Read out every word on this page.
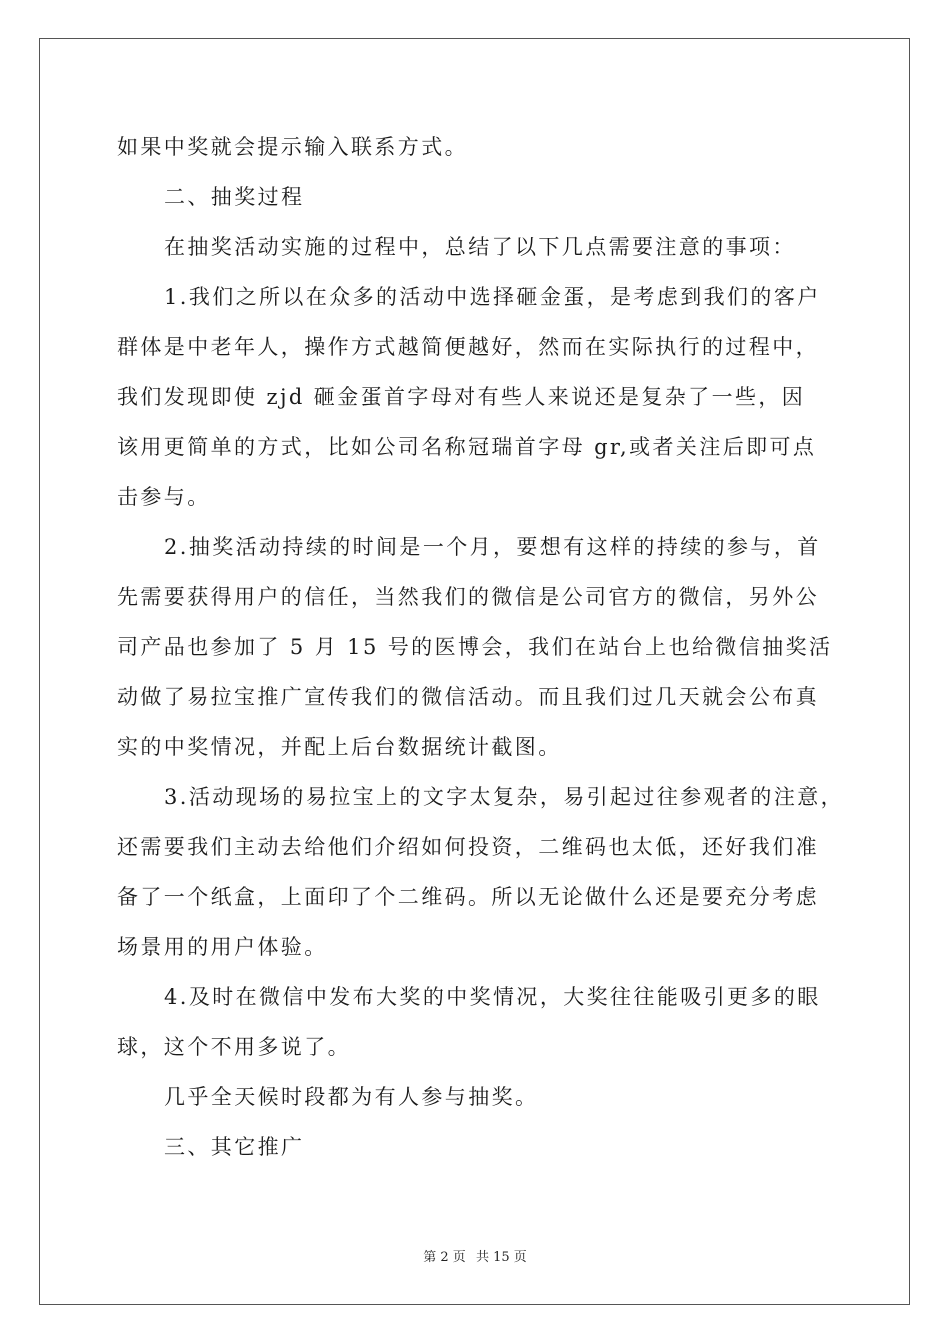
如果中奖就会提示输入联系方式。
二、抽奖过程
在抽奖活动实施的过程中，总结了以下几点需要注意的事项：
1.我们之所以在众多的活动中选择砸金蛋，是考虑到我们的客户
群体是中老年人，操作方式越简便越好，然而在实际执行的过程中，
我们发现即使 zjd 砸金蛋首字母对有些人来说还是复杂了一些，因
该用更简单的方式，比如公司名称冠瑞首字母 gr,或者关注后即可点
击参与。
2.抽奖活动持续的时间是一个月，要想有这样的持续的参与，首
先需要获得用户的信任，当然我们的微信是公司官方的微信，另外公
司产品也参加了 5 月 15 号的医博会，我们在站台上也给微信抽奖活
动做了易拉宝推广宣传我们的微信活动。而且我们过几天就会公布真
实的中奖情况，并配上后台数据统计截图。
3.活动现场的易拉宝上的文字太复杂，易引起过往参观者的注意，
还需要我们主动去给他们介绍如何投资，二维码也太低，还好我们准
备了一个纸盒，上面印了个二维码。所以无论做什么还是要充分考虑
场景用的用户体验。
4.及时在微信中发布大奖的中奖情况，大奖往往能吸引更多的眼
球，这个不用多说了。
几乎全天候时段都为有人参与抽奖。
三、其它推广
第 2 页 共 15 页
